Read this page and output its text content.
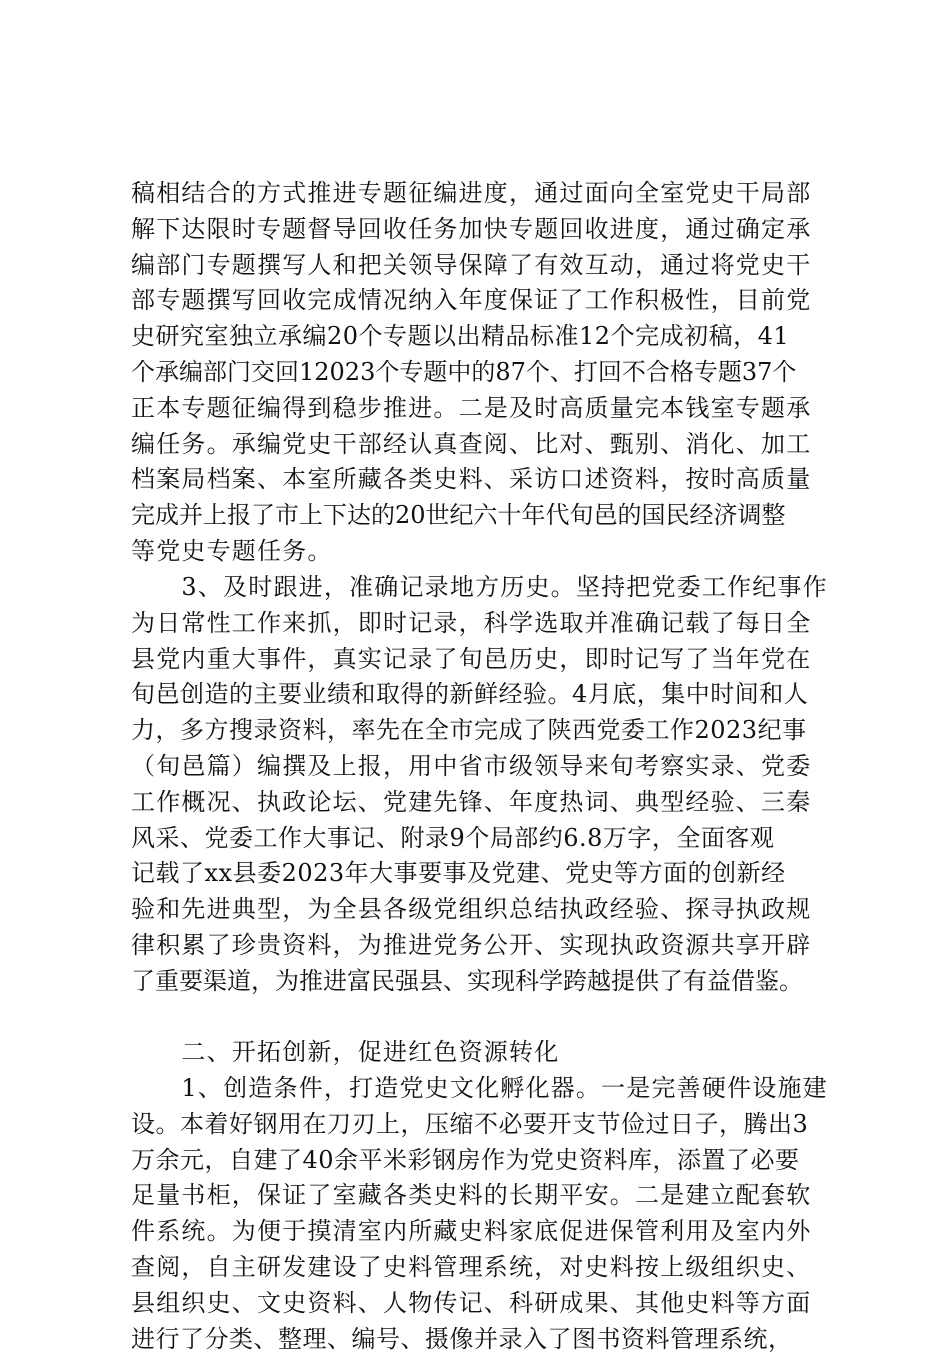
稿相结合的方式推进专题征编进度，通过面向全室党史干局部
解下达限时专题督导回收任务加快专题回收进度，通过确定承
编部门专题撰写人和把关领导保障了有效互动，通过将党史干
部专题撰写回收完成情况纳入年度保证了工作积极性，目前党
史研究室独立承编20个专题以出精品标准12个完成初稿，41
个承编部门交回12023个专题中的87个、打回不合格专题37个
正本专题征编得到稳步推进。二是及时高质量完本钱室专题承
编任务。承编党史干部经认真查阅、比对、甄别、消化、加工
档案局档案、本室所藏各类史料、采访口述资料，按时高质量
完成并上报了市上下达的20世纪六十年代旬邑的国民经济调整
等党史专题任务。
　　3、及时跟进，准确记录地方历史。坚持把党委工作纪事作
为日常性工作来抓，即时记录，科学选取并准确记载了每日全
县党内重大事件，真实记录了旬邑历史，即时记写了当年党在
旬邑创造的主要业绩和取得的新鲜经验。4月底，集中时间和人
力，多方搜录资料，率先在全市完成了陕西党委工作2023纪事
（旬邑篇）编撰及上报，用中省市级领导来旬考察实录、党委
工作概况、执政论坛、党建先锋、年度热词、典型经验、三秦
风采、党委工作大事记、附录9个局部约6.8万字，全面客观
记载了xx县委2023年大事要事及党建、党史等方面的创新经
验和先进典型，为全县各级党组织总结执政经验、探寻执政规
律积累了珍贵资料，为推进党务公开、实现执政资源共享开辟
了重要渠道，为推进富民强县、实现科学跨越提供了有益借鉴。
　　二、开拓创新，促进红色资源转化
　　1、创造条件，打造党史文化孵化器。一是完善硬件设施建
设。本着好钢用在刀刃上，压缩不必要开支节俭过日子，腾出3
万余元，自建了40余平米彩钢房作为党史资料库，添置了必要
足量书柜，保证了室藏各类史料的长期平安。二是建立配套软
件系统。为便于摸清室内所藏史料家底促进保管利用及室内外
查阅，自主研发建设了史料管理系统，对史料按上级组织史、
县组织史、文史资料、人物传记、科研成果、其他史料等方面
进行了分类、整理、编号、摄像并录入了图书资料管理系统，
